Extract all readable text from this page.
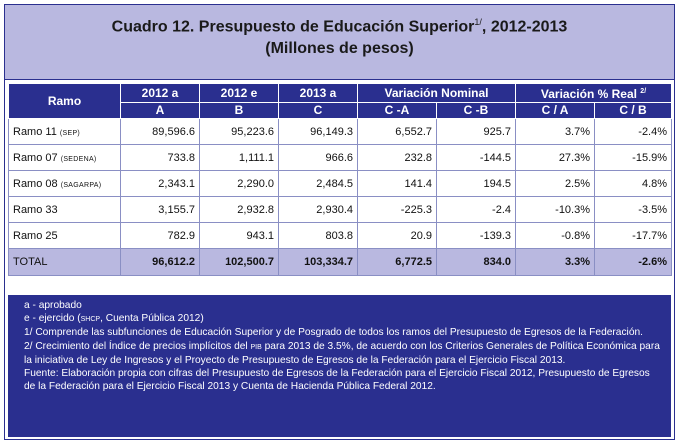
Cuadro 12. Presupuesto de Educación Superior$^{1/}$, 2012-2013
(Millones de pesos)
Ramo	2012 a	2012 e	2013 a	Variación Nominal		Variación % Real $^{2/}$
	A	B	C	C -A	C -B	C / A	C / B
Ramo 11 (SEP)	89,596.6	95,223.6	96,149.3	6,552.7	925.7	3.7%	-2.4%
Ramo 07 (SEDENA)	733.8	1,111.1	966.6	232.8	-144.5	27.3%	-15.9%
Ramo 08 (SAGARPA)	2,343.1	2,290.0	2,484.5	141.4	194.5	2.5%	4.8%
Ramo 33	3,155.7	2,932.8	2,930.4	-225.3	-2.4	-10.3%	-3.5%
Ramo 25	782.9	943.1	803.8	20.9	-139.3	-0.8%	-17.7%
TOTAL	96,612.2	102,500.7	103,334.7	6,772.5	834.0	3.3%	-2.6%

a - aprobado

e - ejercido (SHCP, Cuenta Pública 2012)

1/ Comprende las subfunciones de Educación Superior y de Posgrado de todos los ramos del Presupuesto de Egresos de la Federación.

2/ Crecimiento del Índice de precios implícitos del PIB para 2013 de 3.5%, de acuerdo con los Criterios Generales de Política Económica para la iniciativa de Ley de Ingresos y el Proyecto de Presupuesto de Egresos de la Federación para el Ejercicio Fiscal 2013.

Fuente: Elaboración propia con cifras del Presupuesto de Egresos de la Federación para el Ejercicio Fiscal 2012, Presupuesto de Egresos de la Federación para el Ejercicio Fiscal 2013 y Cuenta de Hacienda Pública Federal 2012.
